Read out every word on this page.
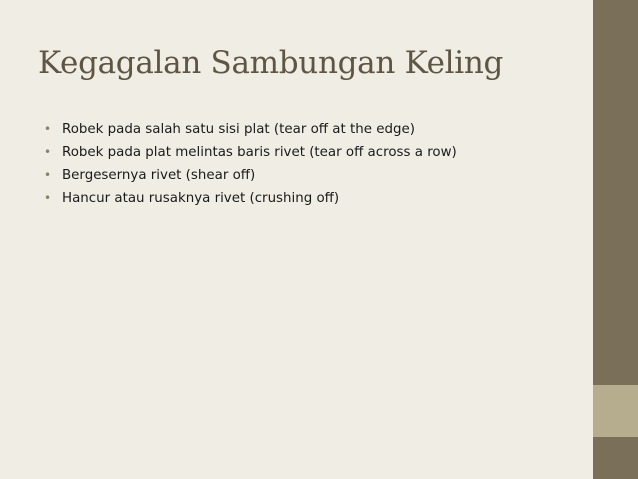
Kegagalan Sambungan Keling
• Robek pada salah satu sisi plat (tear off at the edge)
• Robek pada plat melintas baris rivet (tear off across a row)
• Bergesernya rivet (shear off)
• Hancur atau rusaknya rivet (crushing off)
